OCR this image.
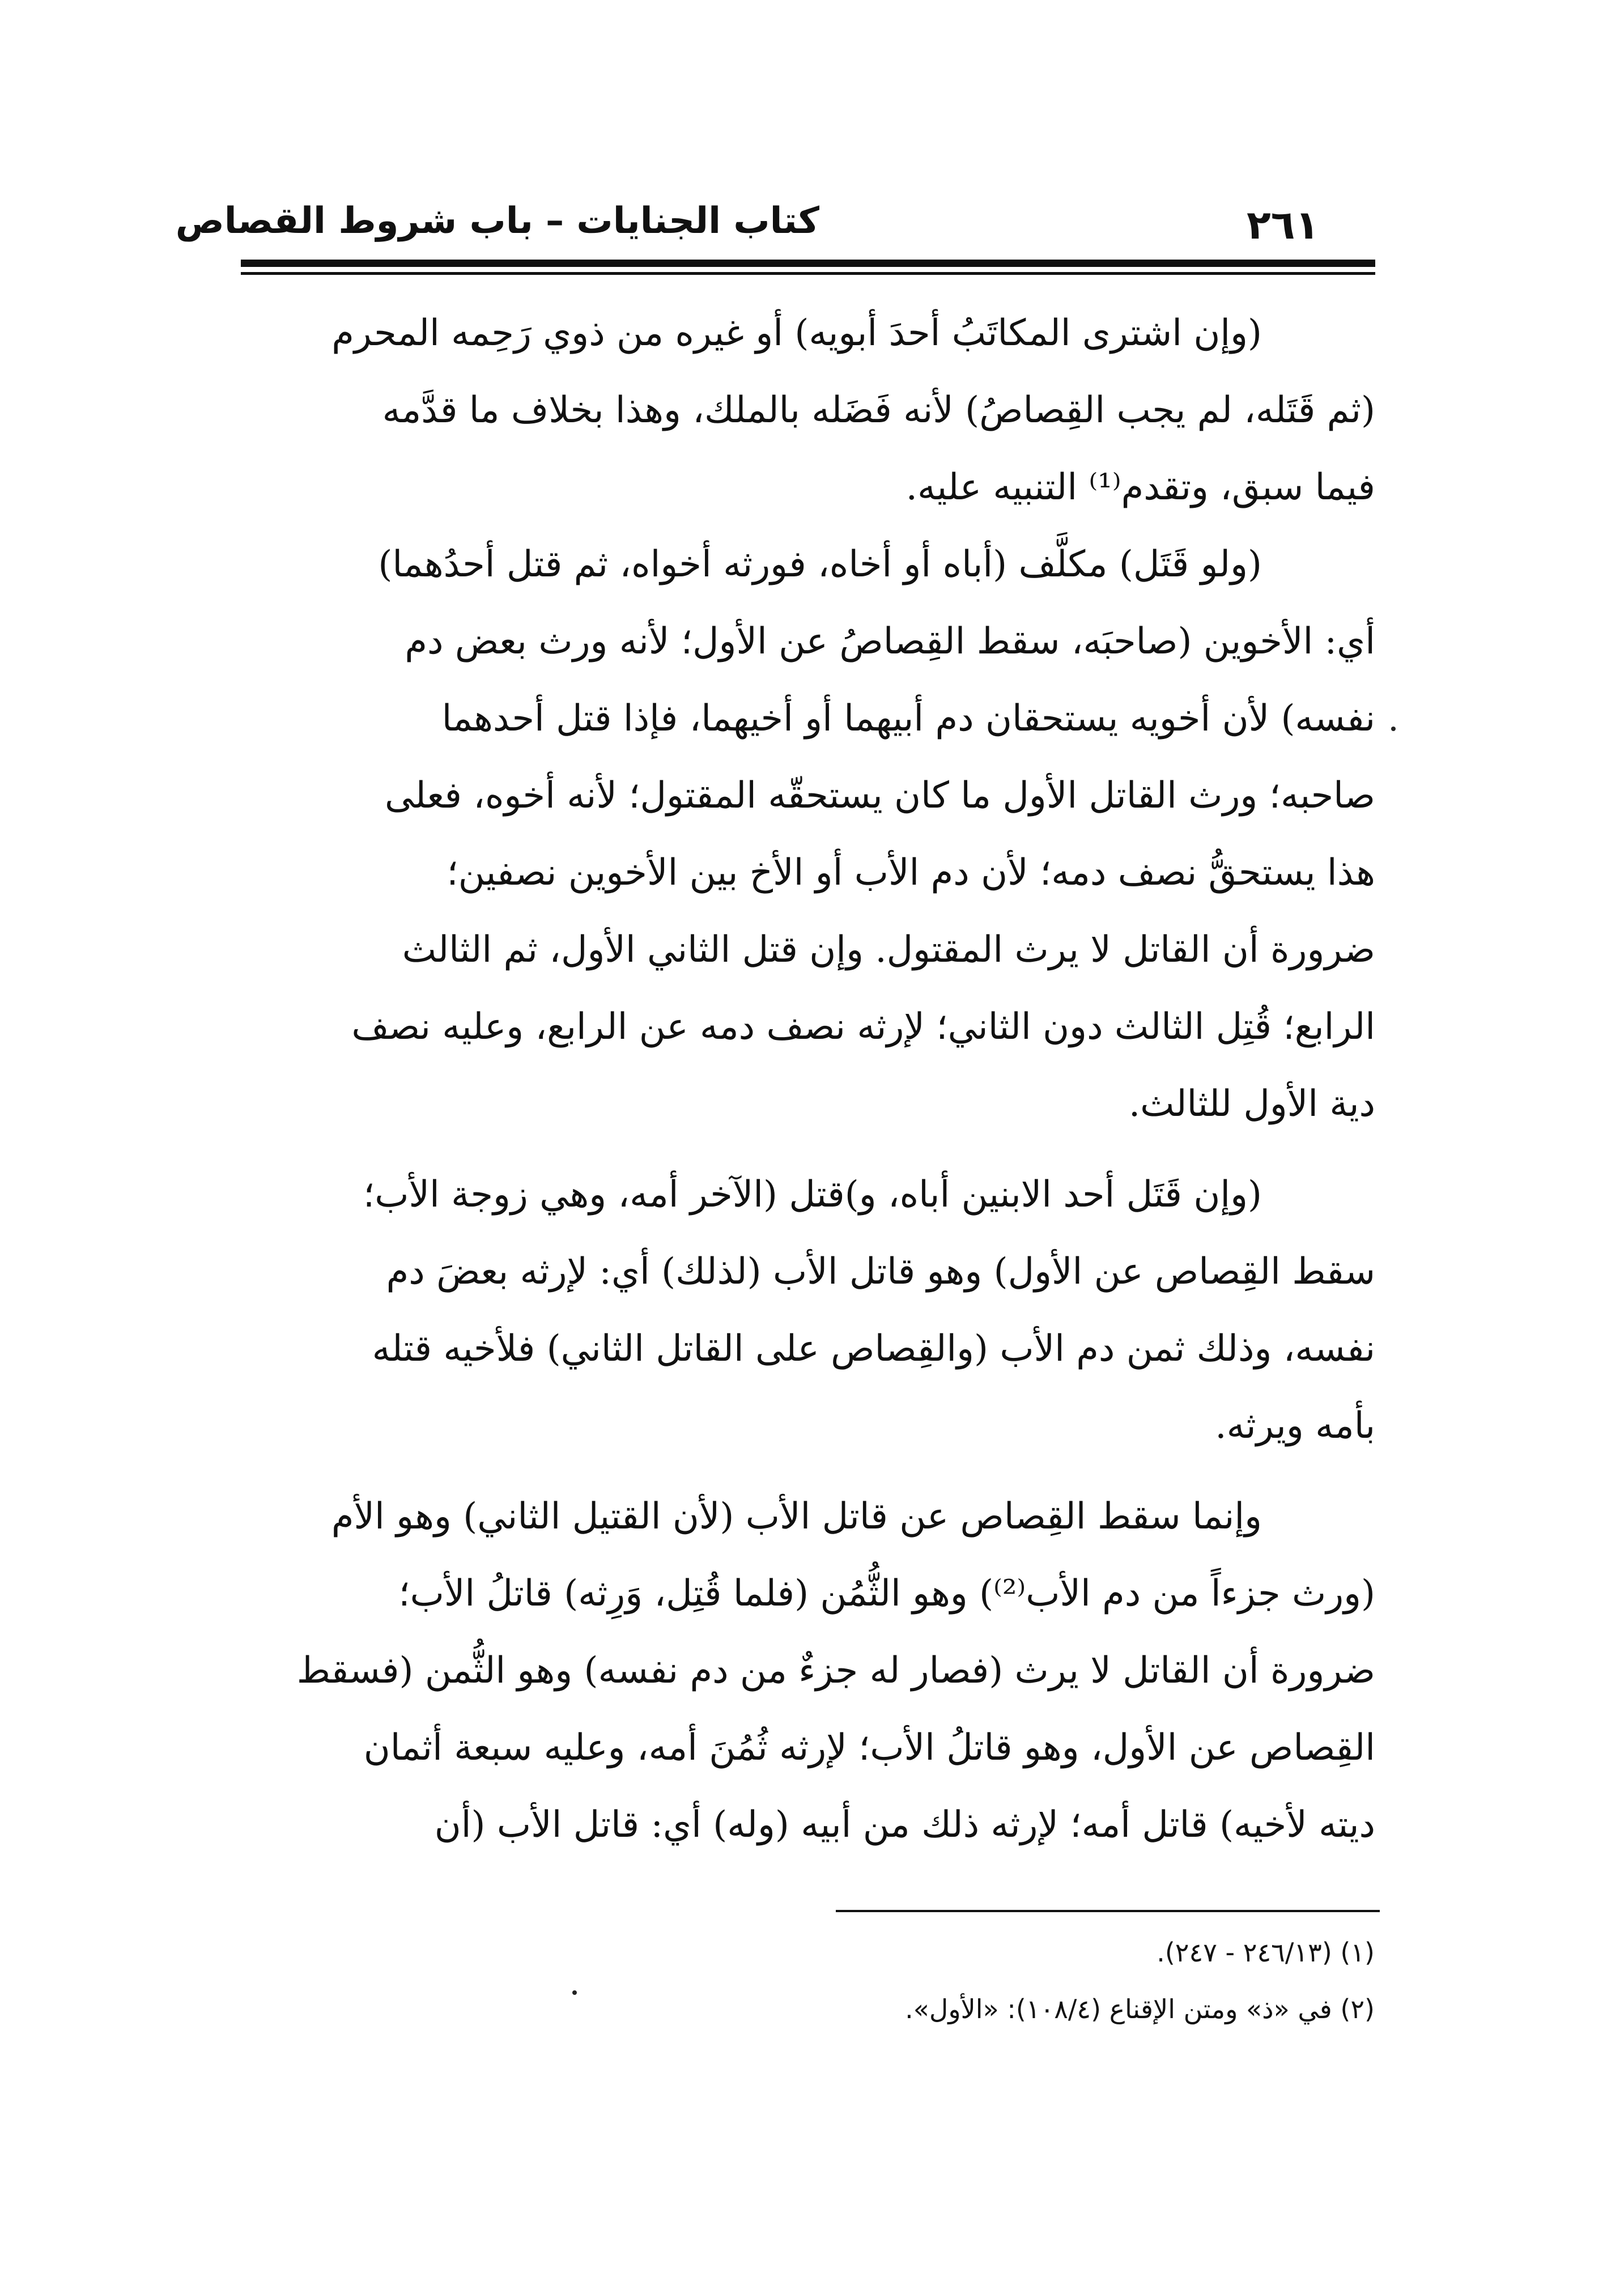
كتاب الجنايات – باب شروط القصاص	٢٦١

(وإن اشترى المكاتَبُ أحدَ أبويه) أو غيره من ذوي رَحِمه المحرم
(ثم قَتَله، لم يجب القِصاصُ) لأنه فَضَله بالملك، وهذا بخلاف ما قدَّمه
فيما سبق، وتقدم⁽¹⁾ التنبيه عليه.

(ولو قَتَل) مكلَّف (أباه أو أخاه، فورثه أخواه، ثم قتل أحدُهما)
أي: الأخوين (صاحبَه، سقط القِصاصُ عن الأول؛ لأنه ورث بعض دم
نفسه) لأن أخويه يستحقان دم أبيهما أو أخيهما، فإذا قتل أحدهما
صاحبه؛ ورث القاتل الأول ما كان يستحقّه المقتول؛ لأنه أخوه، فعلى
هذا يستحقُّ نصف دمه؛ لأن دم الأب أو الأخ بين الأخوين نصفين؛
ضرورة أن القاتل لا يرث المقتول. وإن قتل الثاني الأول، ثم الثالث
الرابع؛ قُتِل الثالث دون الثاني؛ لإرثه نصف دمه عن الرابع، وعليه نصف
دية الأول للثالث.

(وإن قَتَل أحد الابنين أباه، و)قتل (الآخر أمه، وهي زوجة الأب؛
سقط القِصاص عن الأول) وهو قاتل الأب (لذلك) أي: لإرثه بعضَ دم
نفسه، وذلك ثمن دم الأب (والقِصاص على القاتل الثاني) فلأخيه قتله
بأمه ويرثه.

وإنما سقط القِصاص عن قاتل الأب (لأن القتيل الثاني) وهو الأم
(ورث جزءاً من دم الأب⁽²⁾) وهو الثُّمُن (فلما قُتِل، وَرِثه) قاتلُ الأب؛
ضرورة أن القاتل لا يرث (فصار له جزءٌ من دم نفسه) وهو الثُّمن (فسقط
القِصاص عن الأول، وهو قاتلُ الأب؛ لإرثه ثُمُنَ أمه، وعليه سبعة أثمان
ديته لأخيه) قاتل أمه؛ لإرثه ذلك من أبيه (وله) أي: قاتل الأب (أن

(١) (٢٤٦/١٣ - ٢٤٧).

(٢) في «ذ» ومتن الإقناع (١٠٨/٤): «الأول».
